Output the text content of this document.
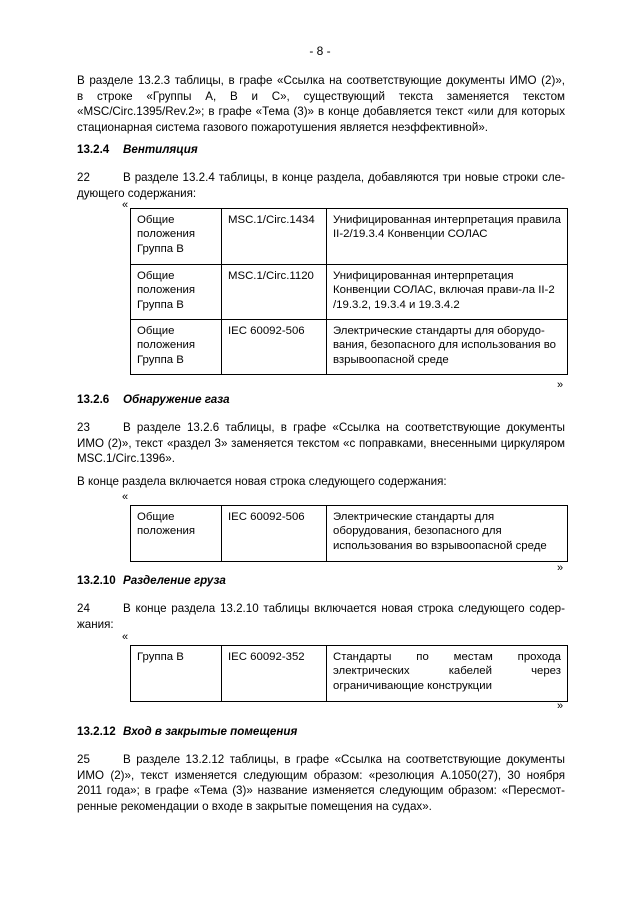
- 8 -
В разделе 13.2.3 таблицы, в графе «Ссылка на соответствующие документы ИМО (2)»,
в строке «Группы A, B и C», существующий текста заменяется текстом
«MSC/Circ.1395/Rev.2»; в графе «Тема (3)» в конце добавляется текст «или для которых
стационарная система газового пожаротушения является неэффективной».
13.2.4 Вентиляция
22	В разделе 13.2.4 таблицы, в конце раздела, добавляются три новые строки сле-
дующего содержания:
«
Общие положения Группа B	MSC.1/Circ.1434	Унифицированная интерпретация правила II-2/19.3.4 Конвенции СОЛАС
Общие положения Группа B	MSC.1/Circ.1120	Унифицированная интерпретация Конвенции СОЛАС, включая прави-ла II-2 /19.3.2, 19.3.4 и 19.3.4.2
Общие положения Группа B	IEC 60092-506	Электрические стандарты для оборудо-вания, безопасного для использования во взрывоопасной среде
»
13.2.6 Обнаружение газа
23	В разделе 13.2.6 таблицы, в графе «Ссылка на соответствующие документы
ИМО (2)», текст «раздел 3» заменяется текстом «с поправками, внесенными циркуляром
MSC.1/Circ.1396».
В конце раздела включается новая строка следующего содержания:
«
Общие положения	IEC 60092-506	Электрические стандарты для оборудования, безопасного для использования во взрывоопасной среде
»
13.2.10 Разделение груза
24	В конце раздела 13.2.10 таблицы включается новая строка следующего содер-
жания:
«
Группа B	IEC 60092-352	Стандарты по местам прохода
электрических кабелей через
ограничивающие конструкции
»
13.2.12 Вход в закрытые помещения
25	В разделе 13.2.12 таблицы, в графе «Ссылка на соответствующие документы
ИМО (2)», текст изменяется следующим образом: «резолюция A.1050(27), 30 ноября
2011 года»; в графе «Тема (3)» название изменяется следующим образом: «Пересмот-
ренные рекомендации о входе в закрытые помещения на судах».
